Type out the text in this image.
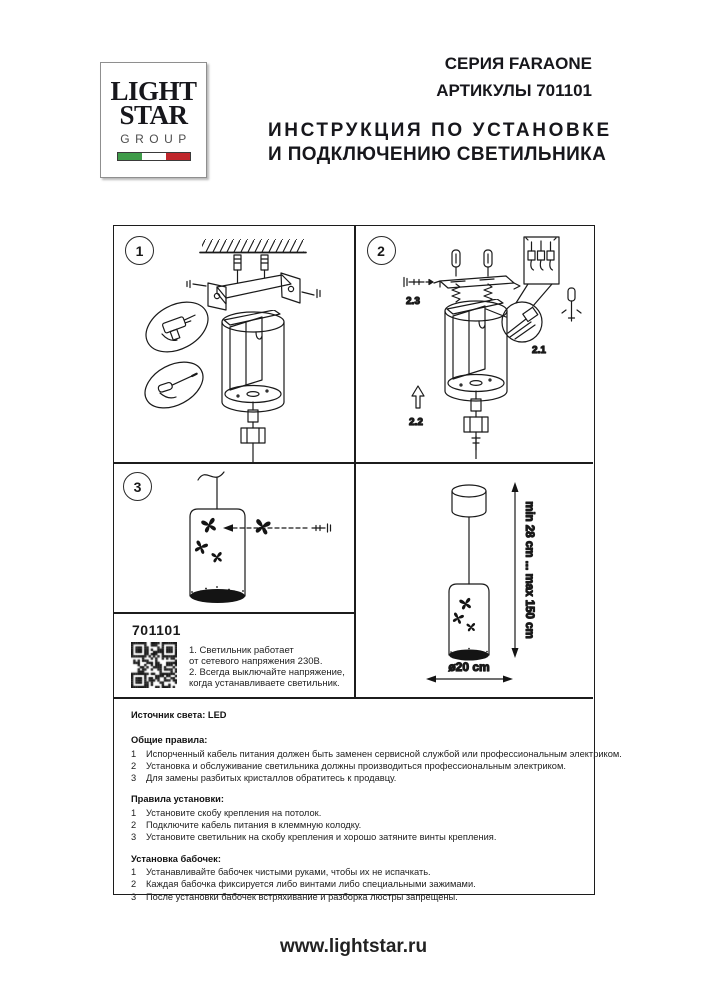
LIGHT
STAR
GROUP
СЕРИЯ FARAONE
АРТИКУЛЫ 701101
ИНСТРУКЦИЯ ПО УСТАНОВКЕ
И ПОДКЛЮЧЕНИЮ СВЕТИЛЬНИКА
1	2
2.3
2.2
2.1
3
701101
1. Светильник работает
от сетевого напряжения 230В.
2. Всегда выключайте напряжение,
когда устанавливаете светильник.
min 28 cm ... max 150 cm
ø20 cm
Источник света: LED
Общие правила:
Испорченный кабель питания должен быть заменен сервисной службой или профессиональным электриком.
Установка и обслуживание светильника должны производиться профессиональным электриком.
Для замены разбитых кристаллов обратитесь к продавцу.
Правила установки:
Установите скобу крепления на потолок.
Подключите кабель питания в клеммную колодку.
Установите светильник на скобу крепления и хорошо затяните винты крепления.
Установка бабочек:
Устанавливайте бабочек чистыми руками, чтобы их не испачкать.
Каждая бабочка фиксируется либо винтами либо специальными зажимами.
После установки бабочек встряхивание и разборка люстры запрещены.
www.lightstar.ru
